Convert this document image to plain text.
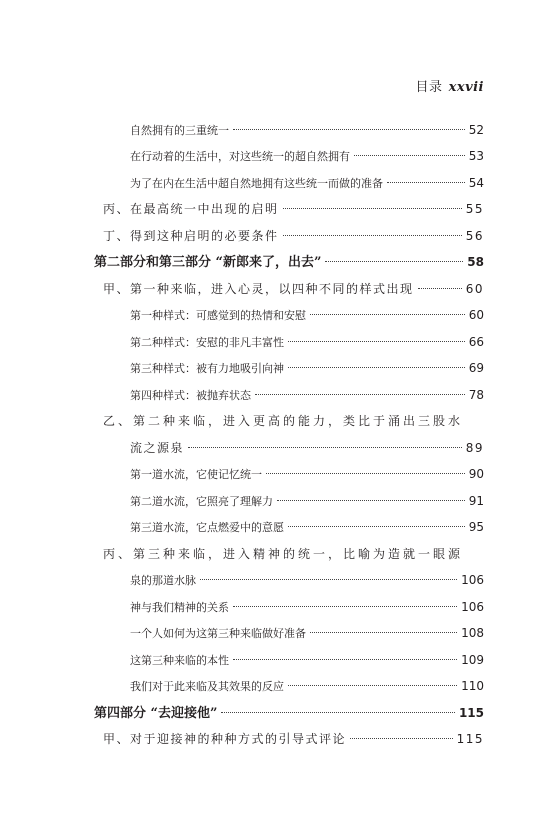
目录 xxvii
自然拥有的三重统一	52
在行动着的生活中，对这些统一的超自然拥有	53
为了在内在生活中超自然地拥有这些统一而做的准备	54
丙、在最高统一中出现的启明	55
丁、得到这种启明的必要条件	56
第二部分和第三部分 “新郎来了，出去”	58
甲、第一种来临，进入心灵，以四种不同的样式出现	60
第一种样式：可感觉到的热情和安慰	60
第二种样式：安慰的非凡丰富性	66
第三种样式：被有力地吸引向神	69
第四种样式：被抛弃状态	78
乙、第二种来临，进入更高的能力，类比于涌出三股水
流之源泉	89
第一道水流，它使记忆统一	90
第二道水流，它照亮了理解力	91
第三道水流，它点燃爱中的意愿	95
丙、第三种来临，进入精神的统一，比喻为造就一眼源
泉的那道水脉	106
神与我们精神的关系	106
一个人如何为这第三种来临做好准备	108
这第三种来临的本性	109
我们对于此来临及其效果的反应	110
第四部分 “去迎接他”	115
甲、对于迎接神的种种方式的引导式评论	115
